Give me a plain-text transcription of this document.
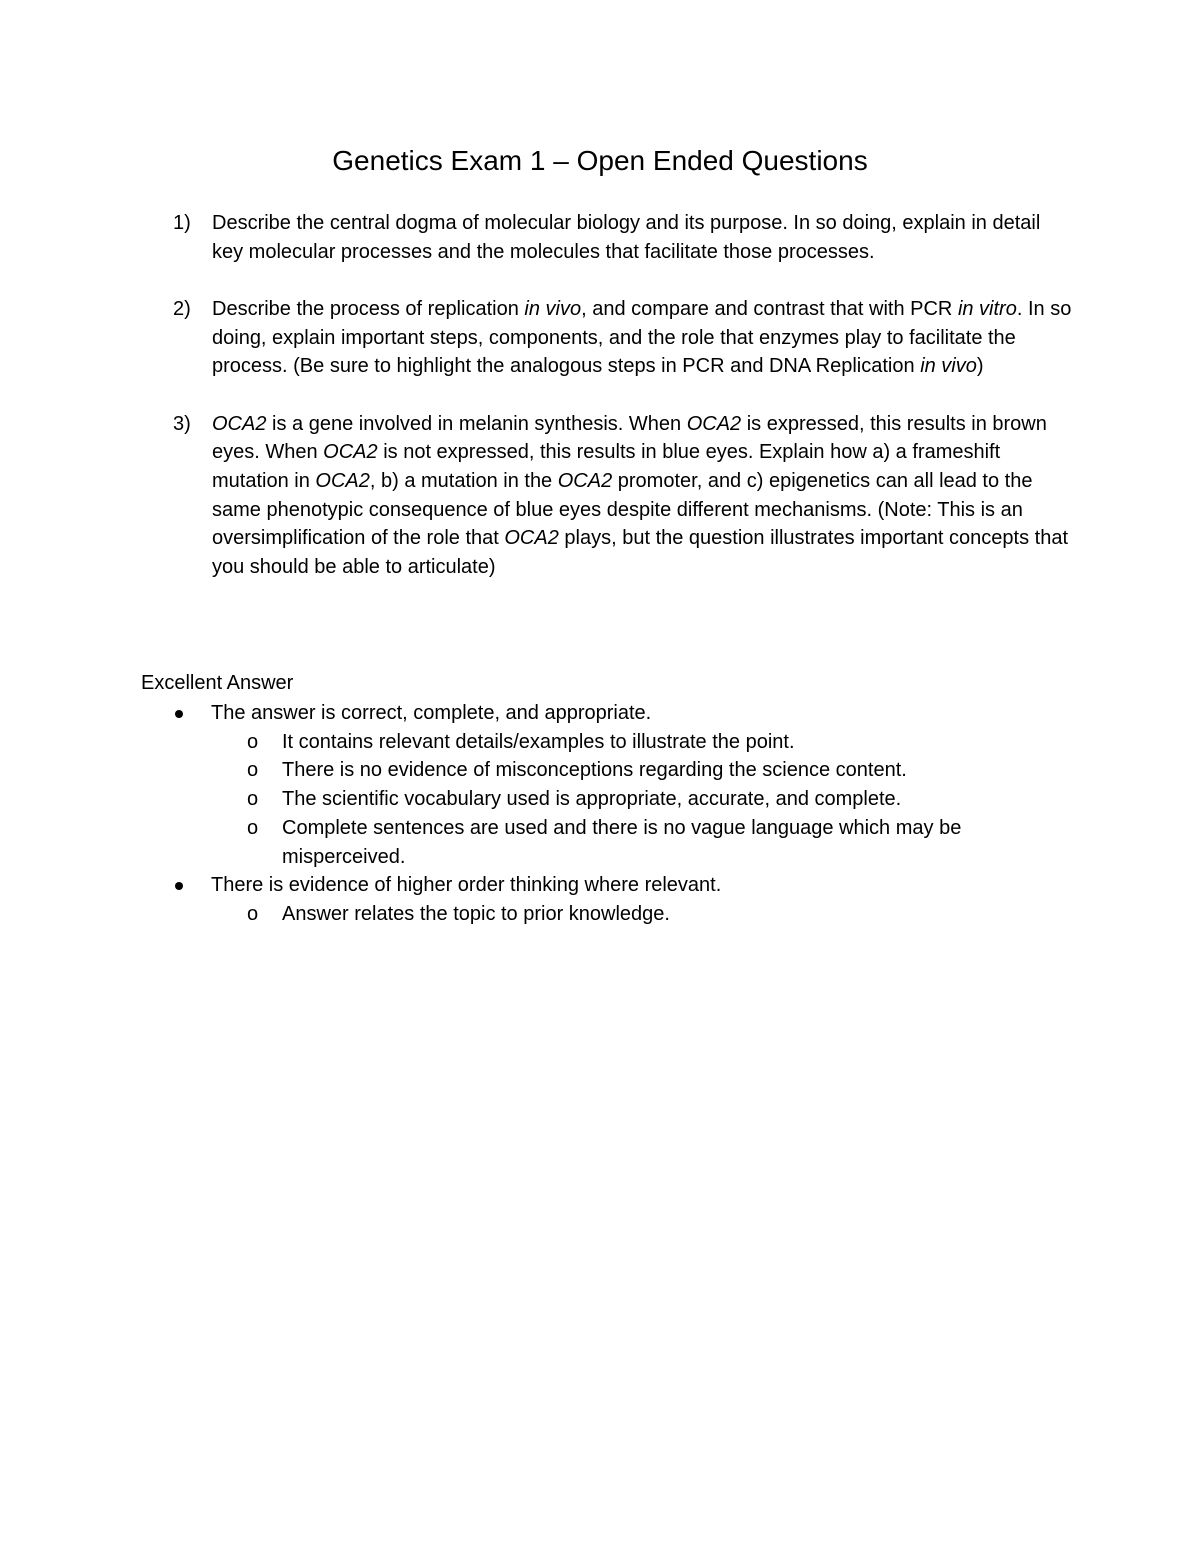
Genetics Exam 1 – Open Ended Questions
1) Describe the central dogma of molecular biology and its purpose. In so doing, explain in detail key molecular processes and the molecules that facilitate those processes.
2) Describe the process of replication in vivo, and compare and contrast that with PCR in vitro. In so doing, explain important steps, components, and the role that enzymes play to facilitate the process. (Be sure to highlight the analogous steps in PCR and DNA Replication in vivo)
3) OCA2 is a gene involved in melanin synthesis. When OCA2 is expressed, this results in brown eyes. When OCA2 is not expressed, this results in blue eyes. Explain how a) a frameshift mutation in OCA2, b) a mutation in the OCA2 promoter, and c) epigenetics can all lead to the same phenotypic consequence of blue eyes despite different mechanisms. (Note: This is an oversimplification of the role that OCA2 plays, but the question illustrates important concepts that you should be able to articulate)
Excellent Answer
The answer is correct, complete, and appropriate.
o It contains relevant details/examples to illustrate the point.
o There is no evidence of misconceptions regarding the science content.
o The scientific vocabulary used is appropriate, accurate, and complete.
o Complete sentences are used and there is no vague language which may be misperceived.
There is evidence of higher order thinking where relevant.
o Answer relates the topic to prior knowledge.
